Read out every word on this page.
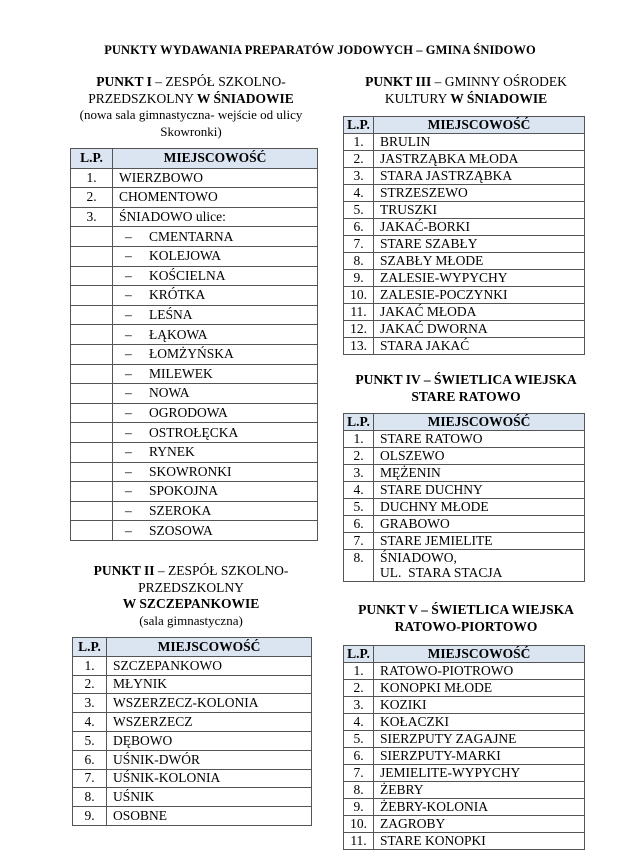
PUNKTY WYDAWANIA PREPARATÓW JODOWYCH – GMINA ŚNIDOWO
PUNKT I – ZESPÓŁ SZKOLNO-
PRZEDSZKOLNY W ŚNIADOWIE
(nowa sala gimnastyczna- wejście od ulicy
Skowronki)
L.P.	MIEJSCOWOŚĆ
1.	WIERZBOWO
2.	CHOMENTOWO
3.	ŚNIADOWO ulice:
	– CMENTARNA
	– KOLEJOWA
	– KOŚCIELNA
	– KRÓTKA
	– LEŚNA
	– ŁĄKOWA
	– ŁOMŻYŃSKA
	– MILEWEK
	– NOWA
	– OGRODOWA
	– OSTROŁĘCKA
	– RYNEK
	– SKOWRONKI
	– SPOKOJNA
	– SZEROKA
	– SZOSOWA
PUNKT II – ZESPÓŁ SZKOLNO-
PRZEDSZKOLNY
W SZCZEPANKOWIE
(sala gimnastyczna)
L.P.	MIEJSCOWOŚĆ
1.	SZCZEPANKOWO
2.	MŁYNIK
3.	WSZERZECZ-KOLONIA
4.	WSZERZECZ
5.	DĘBOWO
6.	UŚNIK-DWÓR
7.	UŚNIK-KOLONIA
8.	UŚNIK
9.	OSOBNE
PUNKT III – GMINNY OŚRODEK
KULTURY W ŚNIADOWIE
L.P.	MIEJSCOWOŚĆ
1.	BRULIN
2.	JASTRZĄBKA MŁODA
3.	STARA JASTRZĄBKA
4.	STRZESZEWO
5.	TRUSZKI
6.	JAKAĆ-BORKI
7.	STARE SZABŁY
8.	SZABŁY MŁODE
9.	ZALESIE-WYPYCHY
10.	ZALESIE-POCZYNKI
11.	JAKAĆ MŁODA
12.	JAKAĆ DWORNA
13.	STARA JAKAĆ
PUNKT IV – ŚWIETLICA WIEJSKA
STARE RATOWO
L.P.	MIEJSCOWOŚĆ
1.	STARE RATOWO
2.	OLSZEWO
3.	MĘŻENIN
4.	STARE DUCHNY
5.	DUCHNY MŁODE
6.	GRABOWO
7.	STARE JEMIELITE
8.	ŚNIADOWO,
UL.  STARA STACJA
PUNKT V – ŚWIETLICA WIEJSKA
RATOWO-PIORTOWO
L.P.	MIEJSCOWOŚĆ
1.	RATOWO-PIOTROWO
2.	KONOPKI MŁODE
3.	KOZIKI
4.	KOŁACZKI
5.	SIERZPUTY ZAGAJNE
6.	SIERZPUTY-MARKI
7.	JEMIELITE-WYPYCHY
8.	ŻEBRY
9.	ŻEBRY-KOLONIA
10.	ZAGROBY
11.	STARE KONOPKI
